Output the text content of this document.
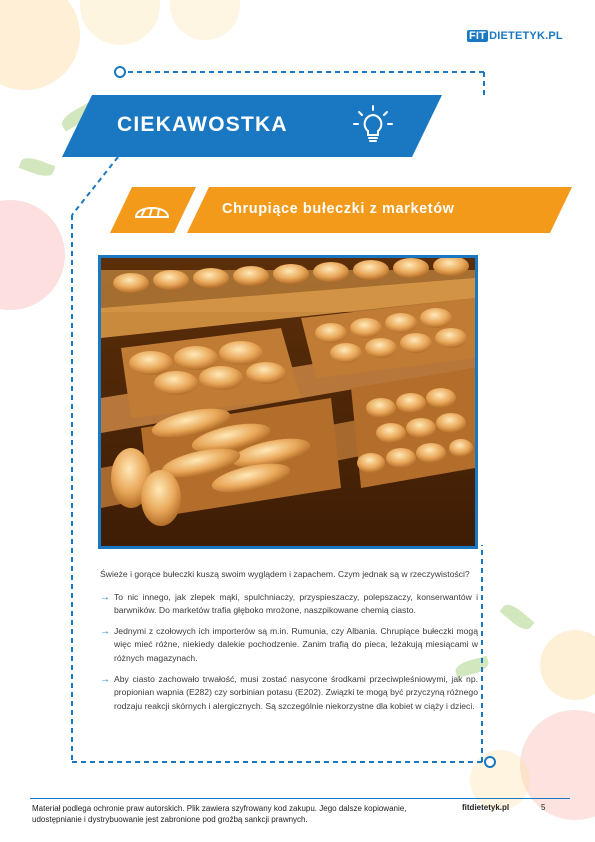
FIT DIETETYK.PL
CIEKAWOSTKA
Chrupiące bułeczki z marketów

Świeże i gorące bułeczki kuszą swoim wyglądem i zapachem. Czym jednak są w rzeczywistości?

→ To nic innego, jak zlepek mąki, spulchniaczy, przyspieszaczy, polepszaczy, konserwantów i barwników. Do marketów trafia głęboko mrożone, naszpikowane chemią ciasto.
→ Jednymi z czołowych ich importerów są m.in. Rumunia, czy Albania. Chrupiące bułeczki mogą więc mieć różne, niekiedy dalekie pochodzenie. Zanim trafią do pieca, leżakują miesiącami w różnych magazynach.
→ Aby ciasto zachowało trwałość, musi zostać nasycone środkami przeciwpleśniowymi, jak np. propionian wapnia (E282) czy sorbinian potasu (E202). Związki te mogą być przyczyną różnego rodzaju reakcji skórnych i alergicznych. Są szczególnie niekorzystne dla kobiet w ciąży i dzieci.
Materiał podlega ochronie praw autorskich. Plik zawiera szyfrowany kod zakupu. Jego dalsze kopiowanie, udostępnianie i dystrybuowanie jest zabronione pod groźbą sankcji prawnych.
fitdietetyk.pl	5
